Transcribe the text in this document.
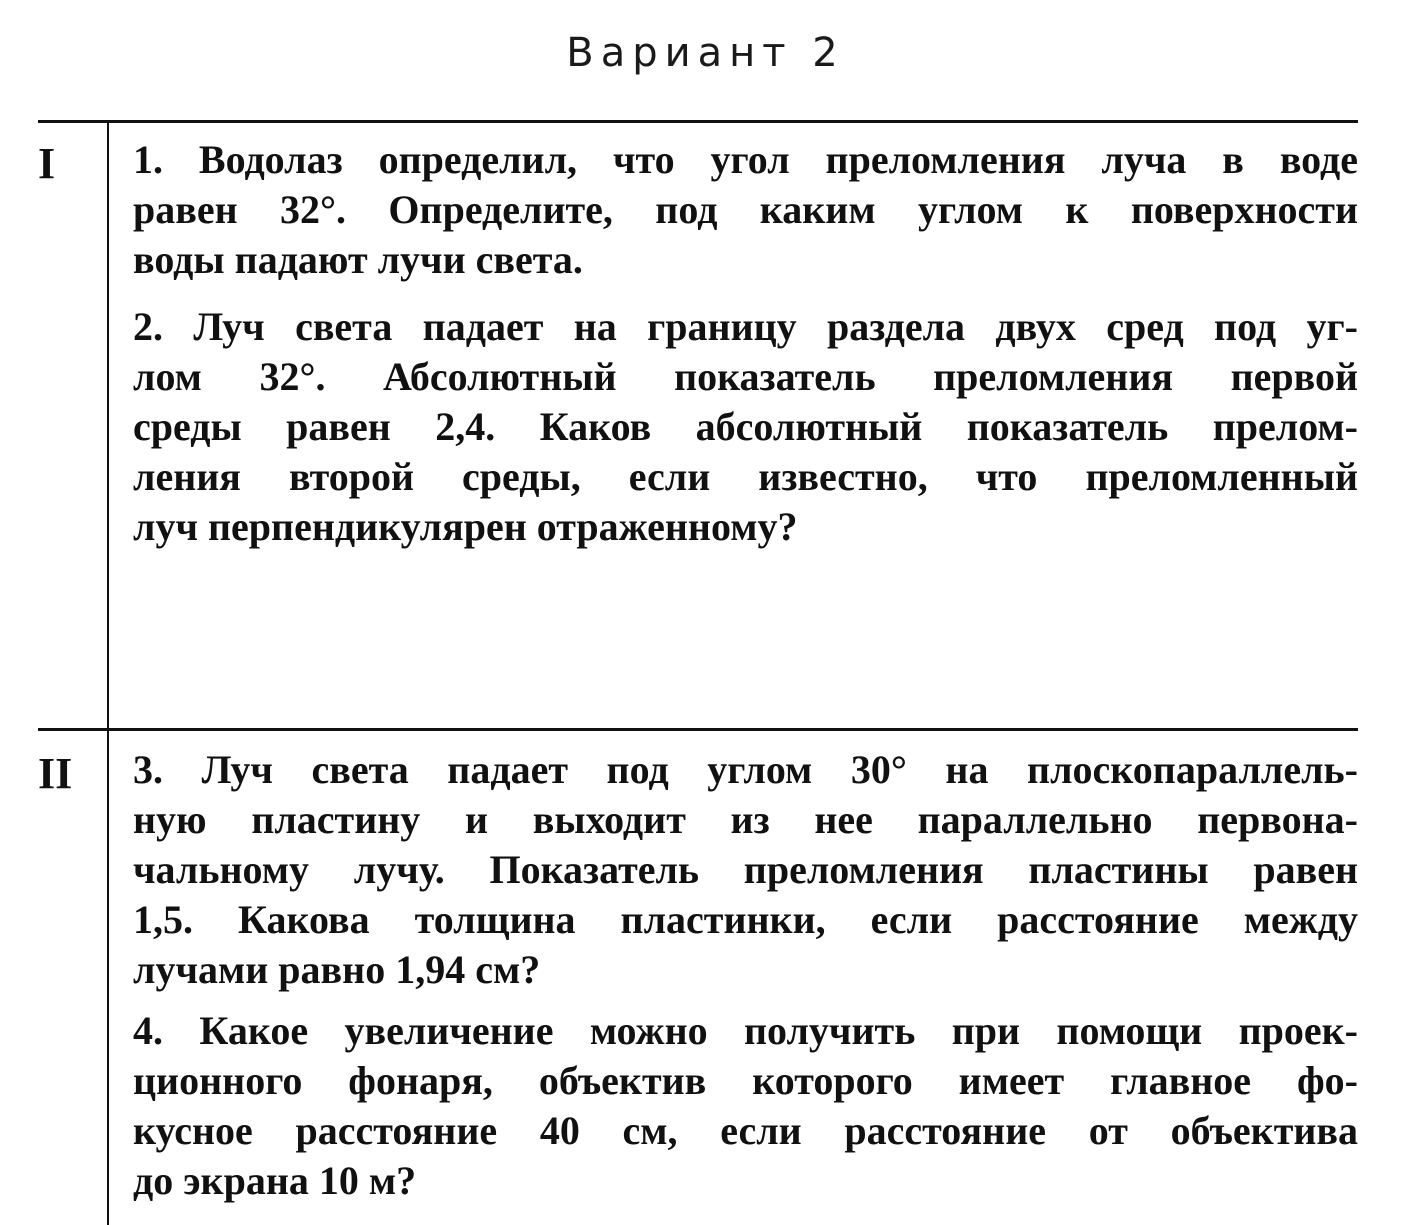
Вариант 2
I 1. Водолаз определил, что угол преломления луча в воде
равен 32°. Определите, под каким углом к поверхности
воды падают лучи света.
2. Луч света падает на границу раздела двух сред под уг-
лом 32°. Абсолютный показатель преломления первой
среды равен 2,4. Каков абсолютный показатель прелом-
ления второй среды, если известно, что преломленный
луч перпендикулярен отраженному?
II 3. Луч света падает под углом 30° на плоскопараллель-
ную пластину и выходит из нее параллельно первона-
чальному лучу. Показатель преломления пластины равен
1,5. Какова толщина пластинки, если расстояние между
лучами равно 1,94 см?
4. Какое увеличение можно получить при помощи проек-
ционного фонаря, объектив которого имеет главное фо-
кусное расстояние 40 см, если расстояние от объектива
до экрана 10 м?
